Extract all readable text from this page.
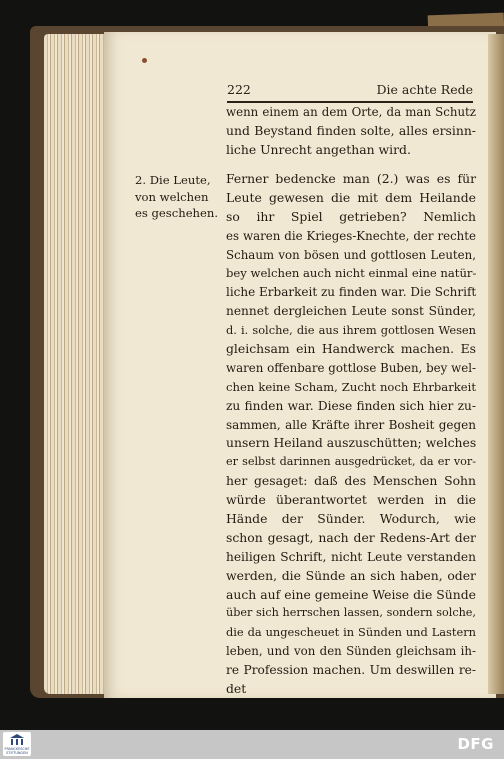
222	Die achte Rede
wenn einem an dem Orte, da man Schutz
und Beystand finden solte, alles ersinn-
liche Unrecht angethan wird.
2. Die Leute,
von welchen
es geschehen.
Ferner bedencke man (2.) was es für
Leute gewesen die mit dem Heilande
so ihr Spiel getrieben? Nemlich
es waren die Krieges-Knechte, der rechte
Schaum von bösen und gottlosen Leuten,
bey welchen auch nicht einmal eine natür-
liche Erbarkeit zu finden war. Die Schrift
nennet dergleichen Leute sonst Sünder,
d. i. solche, die aus ihrem gottlosen Wesen
gleichsam ein Handwerck machen. Es
waren offenbare gottlose Buben, bey wel-
chen keine Scham, Zucht noch Ehrbarkeit
zu finden war. Diese finden sich hier zu-
sammen, alle Kräfte ihrer Bosheit gegen
unsern Heiland auszuschütten; welches
er selbst darinnen ausgedrücket, da er vor-
her gesaget: daß des Menschen Sohn
würde überantwortet werden in die
Hände der Sünder. Wodurch, wie
schon gesagt, nach der Redens-Art der
heiligen Schrift, nicht Leute verstanden
werden, die Sünde an sich haben, oder
auch auf eine gemeine Weise die Sünde
über sich herrschen lassen, sondern solche,
die da ungescheuet in Sünden und Lastern
leben, und von den Sünden gleichsam ih-
re Profession machen. Um deswillen re-
det
FRANCKESCHE STIFTUNGEN	DFG
